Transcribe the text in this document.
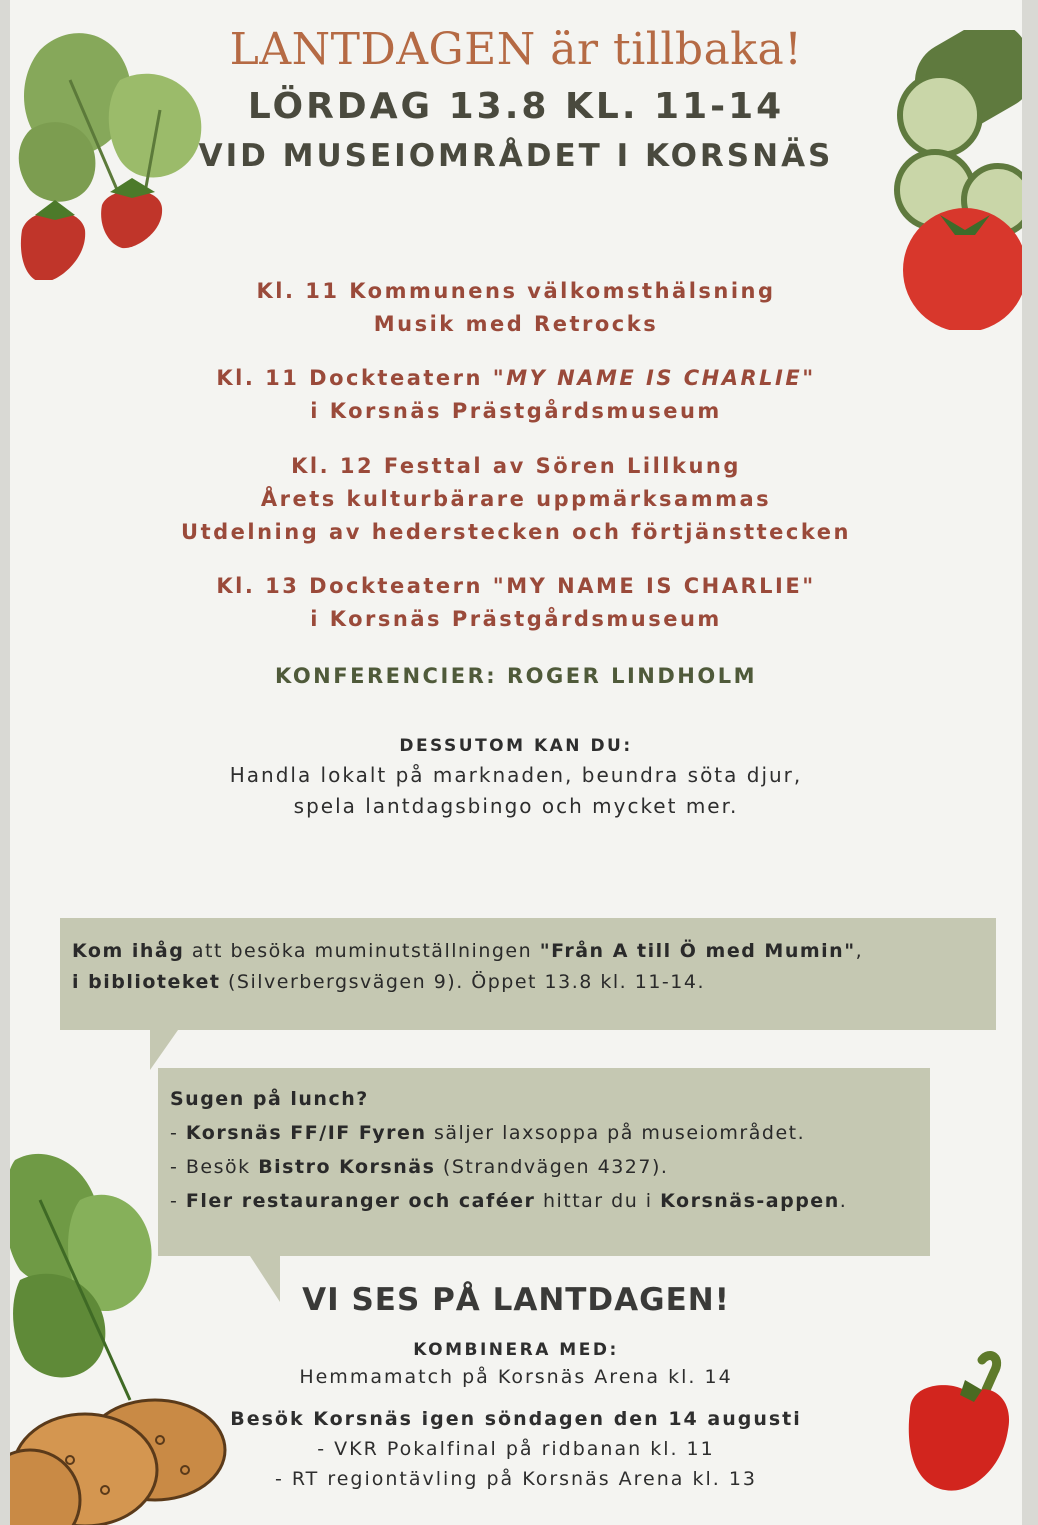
LANTDAGEN är tillbaka!
LÖRDAG 13.8 KL. 11-14
VID MUSEIOMRÅDET I KORSNÄS
Kl. 11 Kommunens välkomsthälsning
Musik med Retrocks
Kl. 11 Dockteatern "MY NAME IS CHARLIE"
i Korsnäs Prästgårdsmuseum
Kl. 12 Festtal av Sören Lillkung
Årets kulturbärare uppmärksammas
Utdelning av hederstecken och förtjänsttecken
Kl. 13 Dockteatern "MY NAME IS CHARLIE"
i Korsnäs Prästgårdsmuseum
KONFERENCIER: ROGER LINDHOLM
DESSUTOM KAN DU:
Handla lokalt på marknaden, beundra söta djur,
spela lantdagsbingo och mycket mer.
Kom ihåg att besöka muminutställningen "Från A till Ö med Mumin",
i biblioteket (Silverbergsvägen 9). Öppet 13.8 kl. 11-14.
Sugen på lunch?
- Korsnäs FF/IF Fyren säljer laxsoppa på museiområdet.
- Besök Bistro Korsnäs (Strandvägen 4327).
- Fler restauranger och caféer hittar du i Korsnäs-appen.
VI SES PÅ LANTDAGEN!
KOMBINERA MED:
Hemmamatch på Korsnäs Arena kl. 14
Besök Korsnäs igen söndagen den 14 augusti
- VKR Pokalfinal på ridbanan kl. 11
- RT regiontävling på Korsnäs Arena kl. 13
